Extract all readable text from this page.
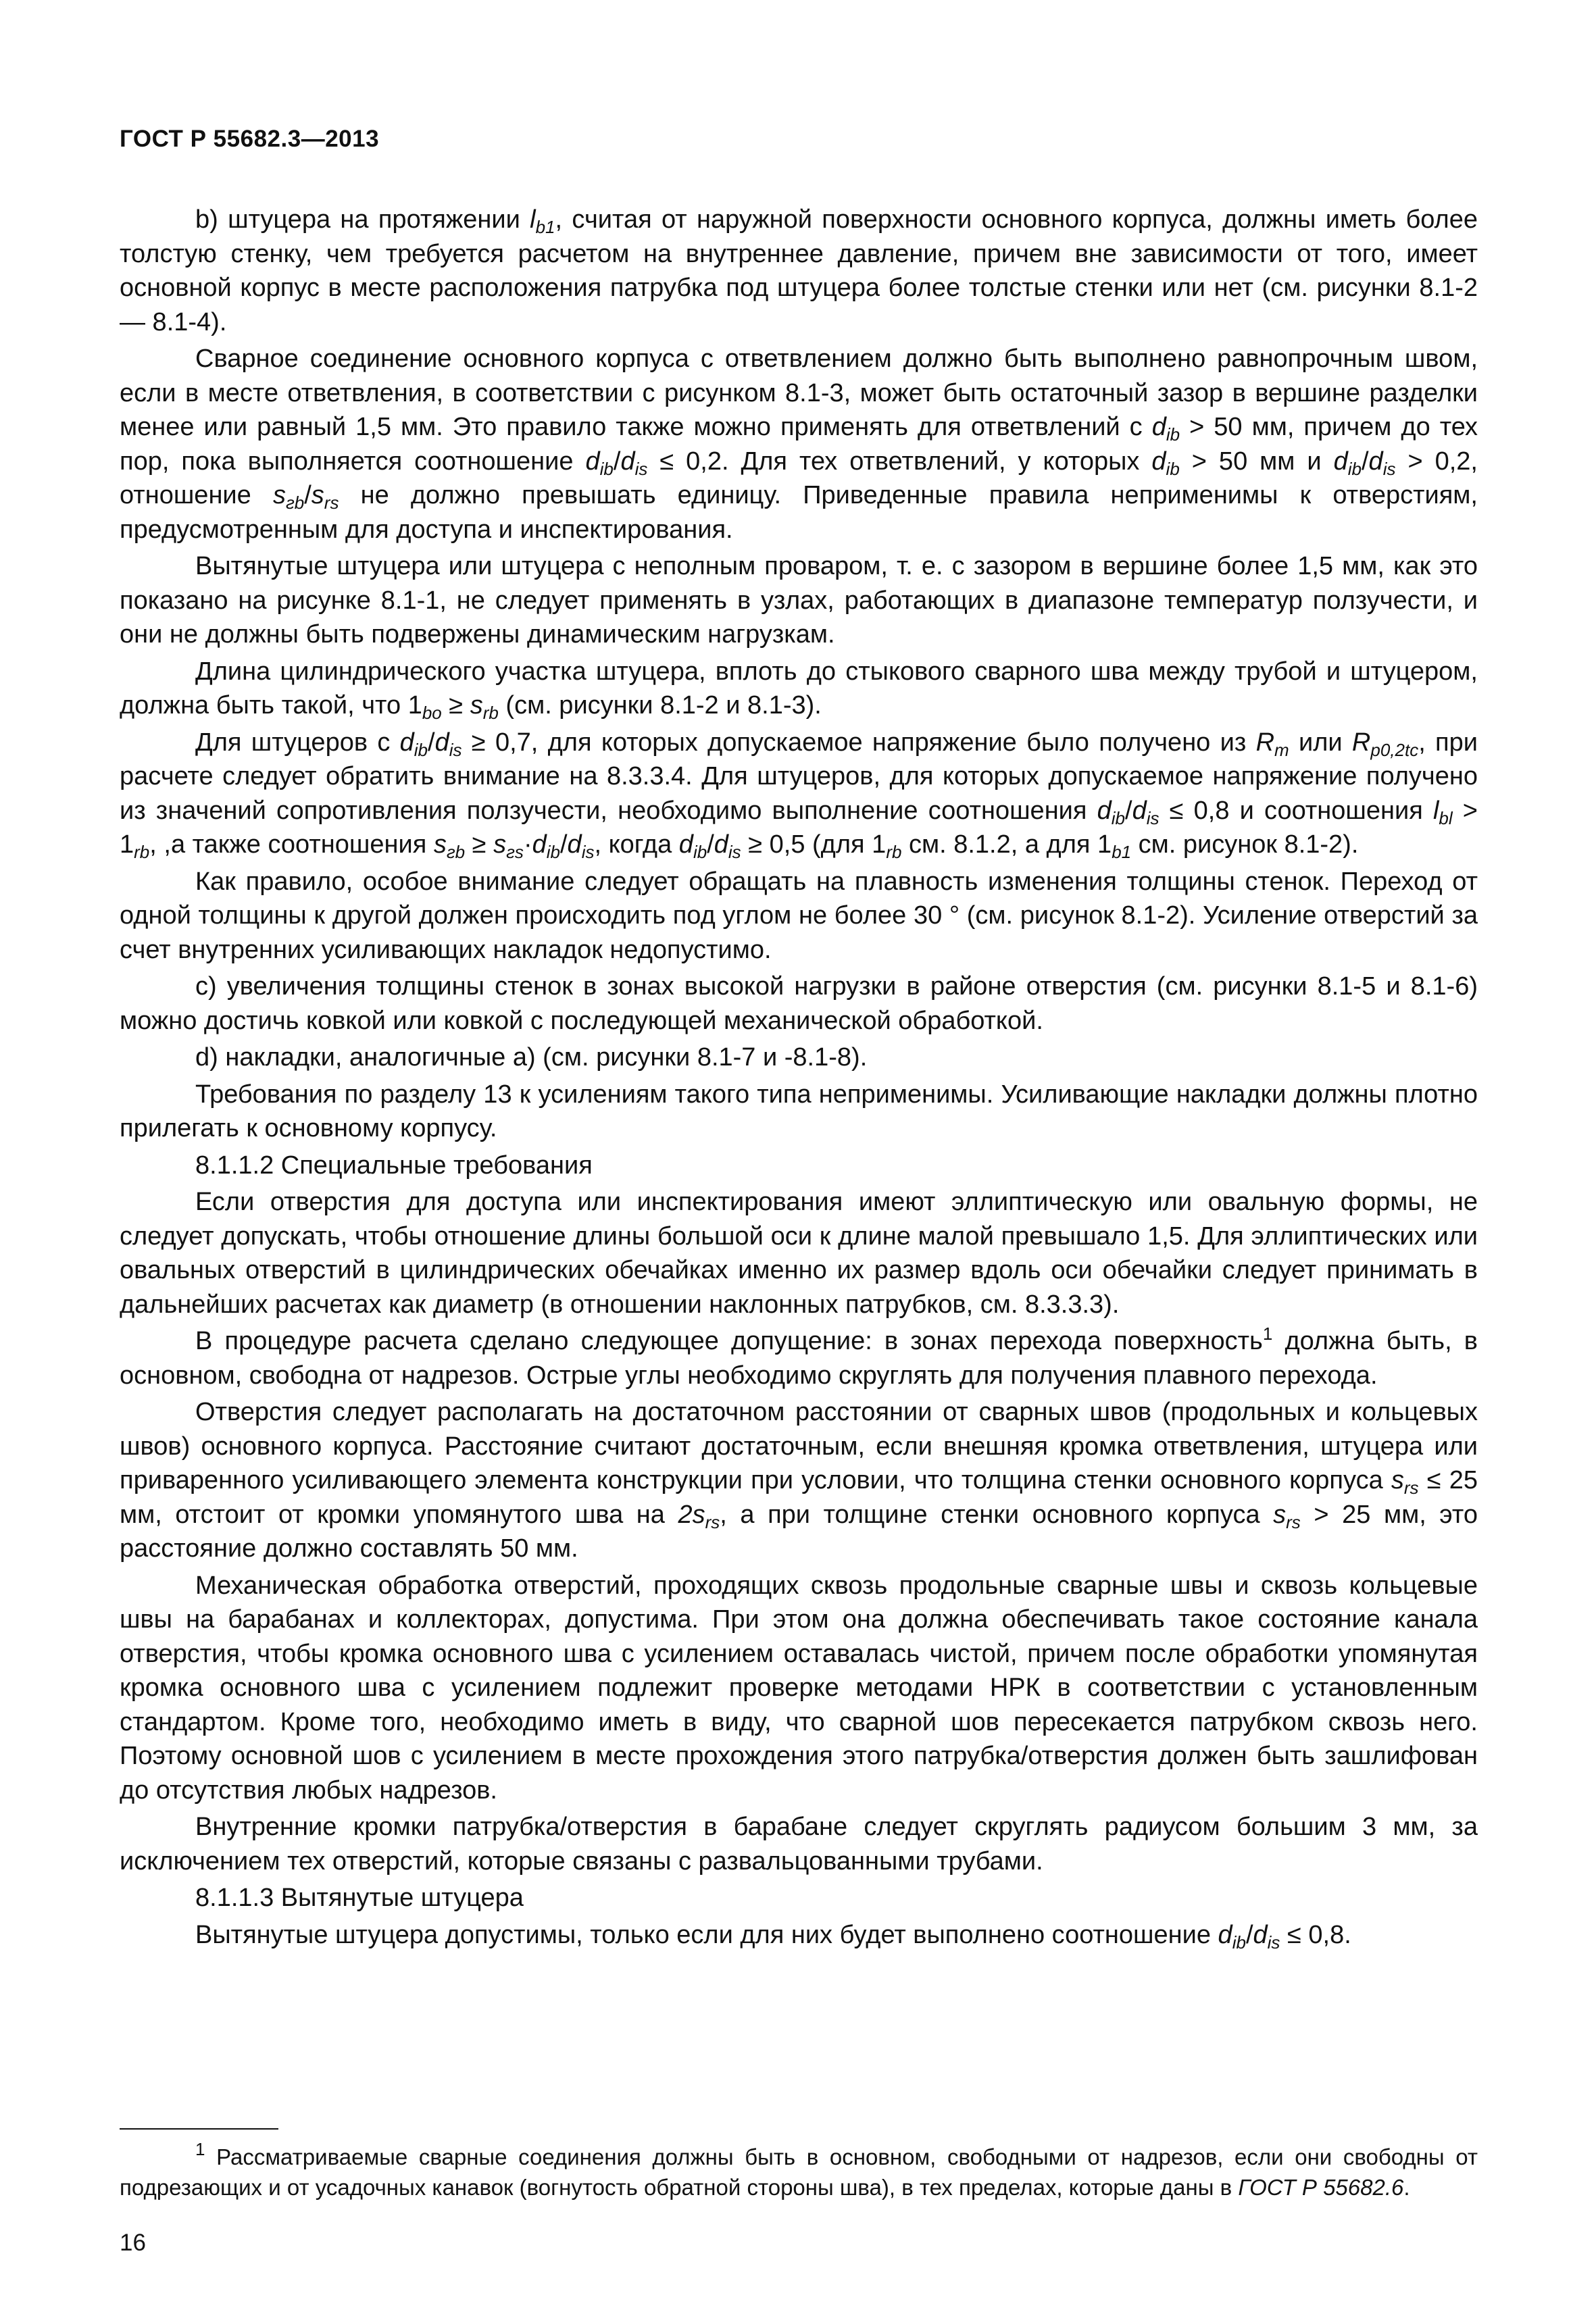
ГОСТ Р 55682.3—2013

b) штуцера на протяжении $l_{b1}$, считая от наружной поверхности основного корпуса, должны иметь более толстую стенку, чем требуется расчетом на внутреннее давление, причем вне зависимости от того, имеет основной корпус в месте расположения патрубка под штуцера более толстые стенки или нет (см. рисунки 8.1-2 — 8.1-4).

Сварное соединение основного корпуса с ответвлением должно быть выполнено равнопрочным швом, если в месте ответвления, в соответствии с рисунком 8.1-3, может быть остаточный зазор в вершине разделки менее или равный 1,5 мм. Это правило также можно применять для ответвлений с $d_{ib} > 50$ мм, причем до тех пор, пока выполняется соотношение $d_{ib}/d_{is} \le 0,2$. Для тех ответвлений, у которых $d_{ib} > 50$ мм и $d_{ib}/d_{is} > 0,2$, отношение $s_{гb}/s_{rs}$ не должно превышать единицу. Приведенные правила неприменимы к отверстиям, предусмотренным для доступа и инспектирования.

Вытянутые штуцера или штуцера с неполным проваром, т. е. с зазором в вершине более 1,5 мм, как это показано на рисунке 8.1-1, не следует применять в узлах, работающих в диапазоне температур ползучести, и они не должны быть подвержены динамическим нагрузкам.

Длина цилиндрического участка штуцера, вплоть до стыкового сварного шва между трубой и штуцером, должна быть такой, что $1_{bo} \ge s_{rb}$ (см. рисунки 8.1-2 и 8.1-3).

Для штуцеров с $d_{ib}/d_{is} \ge 0,7$, для которых допускаемое напряжение было получено из $R_m$ или $R_{p0,2tc}$, при расчете следует обратить внимание на 8.3.3.4. Для штуцеров, для которых допускаемое напряжение получено из значений сопротивления ползучести, необходимо выполнение соотношения $d_{ib}/d_{is} \le 0,8$ и соотношения $l_{bl} > 1_{rb}$, ,а также соотношения $s_{гb} \ge s_{гs}\cdot d_{ib}/d_{is}$, когда $d_{ib}/d_{is} \ge 0,5$ (для $1_{rb}$ см. 8.1.2, а для $1_{b1}$ см. рисунок 8.1-2).

Как правило, особое внимание следует обращать на плавность изменения толщины стенок. Переход от одной толщины к другой должен происходить под углом не более 30 ° (см. рисунок 8.1-2). Усиление отверстий за счет внутренних усиливающих накладок недопустимо.

c) увеличения толщины стенок в зонах высокой нагрузки в районе отверстия (см. рисунки 8.1-5 и 8.1-6) можно достичь ковкой или ковкой с последующей механической обработкой.

d) накладки, аналогичные а) (см. рисунки 8.1-7 и -8.1-8).

Требования по разделу 13 к усилениям такого типа неприменимы. Усиливающие накладки должны плотно прилегать к основному корпусу.

8.1.1.2 Специальные требования

Если отверстия для доступа или инспектирования имеют эллиптическую или овальную формы, не следует допускать, чтобы отношение длины большой оси к длине малой превышало 1,5. Для эллиптических или овальных отверстий в цилиндрических обечайках именно их размер вдоль оси обечайки следует принимать в дальнейших расчетах как диаметр (в отношении наклонных патрубков, см. 8.3.3.3).

В процедуре расчета сделано следующее допущение: в зонах перехода поверхность$^1$ должна быть, в основном, свободна от надрезов. Острые углы необходимо скруглять для получения плавного перехода.

Отверстия следует располагать на достаточном расстоянии от сварных швов (продольных и кольцевых швов) основного корпуса. Расстояние считают достаточным, если внешняя кромка ответвления, штуцера или приваренного усиливающего элемента конструкции при условии, что толщина стенки основного корпуса $s_{rs} \le 25$ мм, отстоит от кромки упомянутого шва на $2s_{rs}$, а при толщине стенки основного корпуса $s_{rs} > 25$ мм, это расстояние должно составлять 50 мм.

Механическая обработка отверстий, проходящих сквозь продольные сварные швы и сквозь кольцевые швы на барабанах и коллекторах, допустима. При этом она должна обеспечивать такое состояние канала отверстия, чтобы кромка основного шва с усилением оставалась чистой, причем после обработки упомянутая кромка основного шва с усилением подлежит проверке методами НРК в соответствии с установленным стандартом. Кроме того, необходимо иметь в виду, что сварной шов пересекается патрубком сквозь него. Поэтому основной шов с усилением в месте прохождения этого патрубка/отверстия должен быть зашлифован до отсутствия любых надрезов.

Внутренние кромки патрубка/отверстия в барабане следует скруглять радиусом большим 3 мм, за исключением тех отверстий, которые связаны с развальцованными трубами.

8.1.1.3 Вытянутые штуцера

Вытянутые штуцера допустимы, только если для них будет выполнено соотношение $d_{ib}/d_{is} \le 0,8$.

$^1$ Рассматриваемые сварные соединения должны быть в основном, свободными от надрезов, если они свободны от подрезающих и от усадочных канавок (вогнутость обратной стороны шва), в тех пределах, которые даны в ГОСТ Р 55682.6.

16
